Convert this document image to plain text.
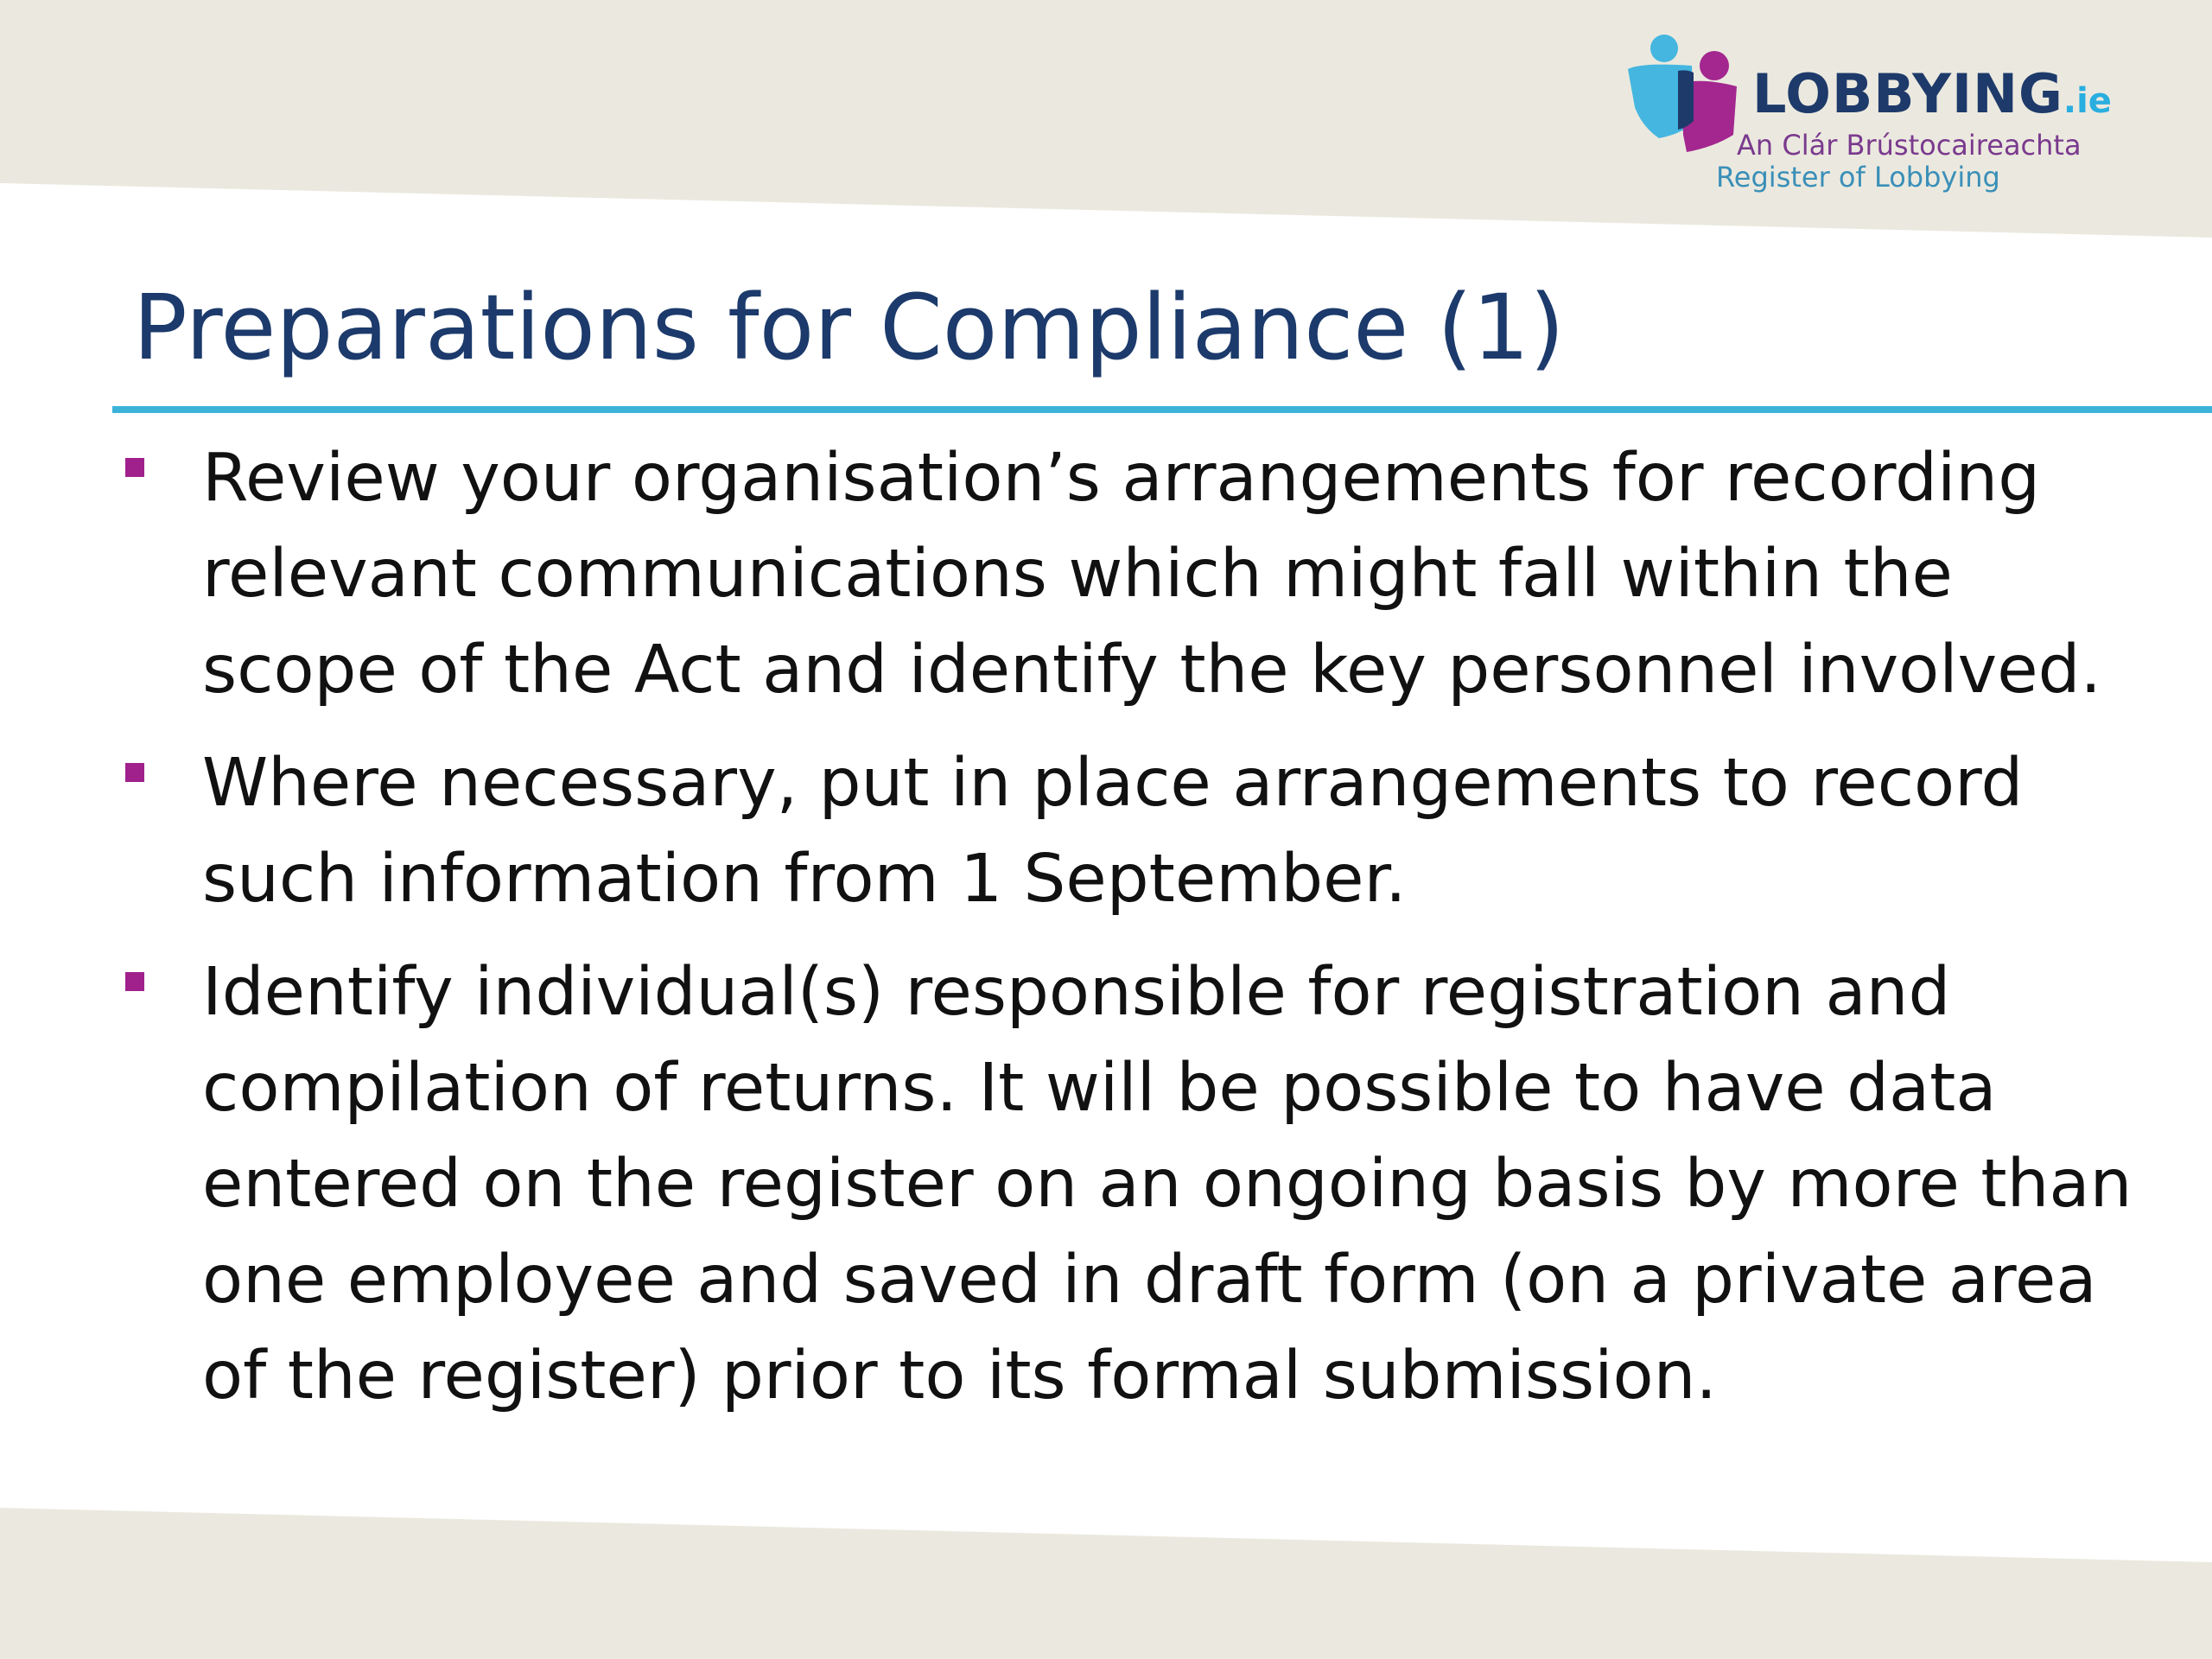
LOBBYING.ie
An Clár Brústocaireachta
Register of Lobbying
Preparations for Compliance (1)
Review your organisation’s arrangements for recording relevant communications which might fall within the scope of the Act and identify the key personnel involved.
Where necessary, put in place arrangements to record such information from 1 September.
Identify individual(s) responsible for registration and compilation of returns. It will be possible to have data entered on the register on an ongoing basis by more than one employee and saved in draft form (on a private area of the register) prior to its formal submission.
